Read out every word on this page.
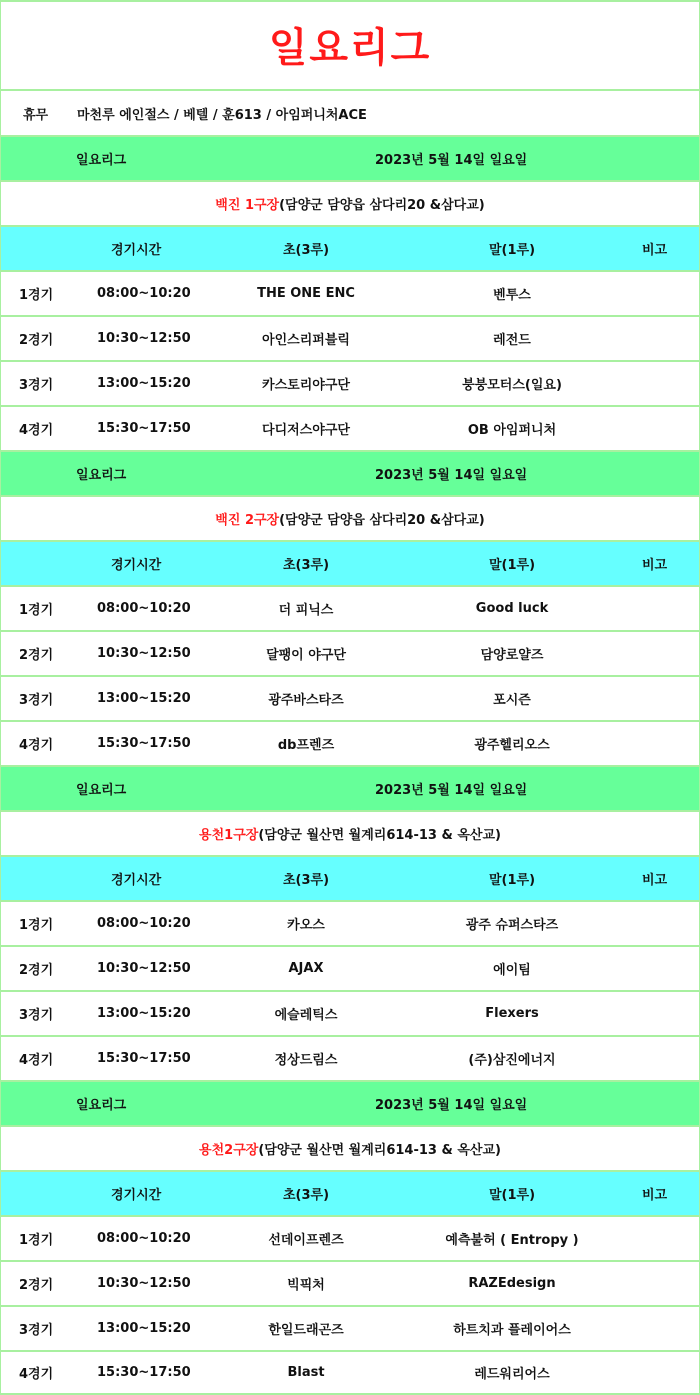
일요리그
휴무 마천루 에인절스 / 베텔 / 훈613 / 아임퍼니처ACE
일요리그	2023년 5월 14일 일요일
백진 1구장 (담양군 담양읍 삼다리20 &삼다교)
경기시간	초(3루)	말(1루)	비고
1경기	08:00~10:20	THE ONE ENC	벤투스
2경기	10:30~12:50	아인스리퍼블릭	레전드
3경기	13:00~15:20	카스토리야구단	붕붕모터스(일요)
4경기	15:30~17:50	다디저스야구단	OB 아임퍼니처
일요리그	2023년 5월 14일 일요일
백진 2구장 (담양군 담양읍 삼다리20 &삼다교)
경기시간	초(3루)	말(1루)	비고
1경기	08:00~10:20	더 피닉스	Good luck
2경기	10:30~12:50	달팽이 야구단	담양로얄즈
3경기	13:00~15:20	광주바스타즈	포시즌
4경기	15:30~17:50	db프렌즈	광주헬리오스
일요리그	2023년 5월 14일 일요일
용천1구장 (담양군 월산면 월계리614-13 & 옥산교)
경기시간	초(3루)	말(1루)	비고
1경기	08:00~10:20	카오스	광주 슈퍼스타즈
2경기	10:30~12:50	AJAX	에이팀
3경기	13:00~15:20	에슬레틱스	Flexers
4경기	15:30~17:50	정상드림스	(주)삼진에너지
일요리그	2023년 5월 14일 일요일
용천2구장 (담양군 월산면 월계리614-13 & 옥산교)
경기시간	초(3루)	말(1루)	비고
1경기	08:00~10:20	선데이프렌즈	예측불허 ( Entropy )
2경기	10:30~12:50	빅픽처	RAZEdesign
3경기	13:00~15:20	한일드래곤즈	하트치과 플레이어스
4경기	15:30~17:50	Blast	레드워리어스
